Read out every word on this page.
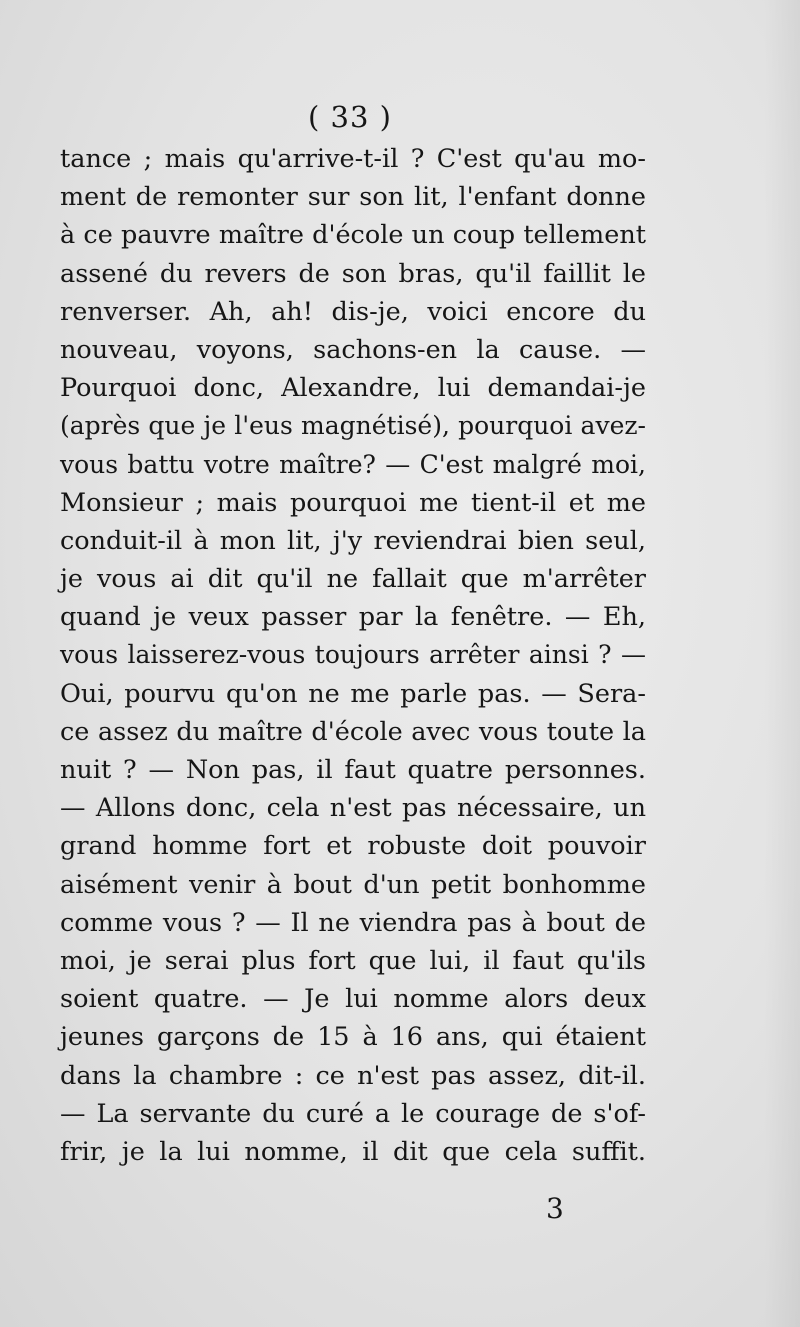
( 33 )
tance ; mais qu'arrive-t-il ? C'est qu'au mo-
ment de remonter sur son lit, l'enfant donne
à ce pauvre maître d'école un coup tellement
assené du revers de son bras, qu'il faillit le
renverser. Ah, ah! dis-je, voici encore du
nouveau, voyons, sachons-en la cause. —
Pourquoi donc, Alexandre, lui demandai-je
(après que je l'eus magnétisé), pourquoi avez-
vous battu votre maître? — C'est malgré moi,
Monsieur ; mais pourquoi me tient-il et me
conduit-il à mon lit, j'y reviendrai bien seul,
je vous ai dit qu'il ne fallait que m'arrêter
quand je veux passer par la fenêtre. — Eh,
vous laisserez-vous toujours arrêter ainsi ? —
Oui, pourvu qu'on ne me parle pas. — Sera-
ce assez du maître d'école avec vous toute la
nuit ? — Non pas, il faut quatre personnes.
— Allons donc, cela n'est pas nécessaire, un
grand homme fort et robuste doit pouvoir
aisément venir à bout d'un petit bonhomme
comme vous ? — Il ne viendra pas à bout de
moi, je serai plus fort que lui, il faut qu'ils
soient quatre. — Je lui nomme alors deux
jeunes garçons de 15 à 16 ans, qui étaient
dans la chambre : ce n'est pas assez, dit-il.
— La servante du curé a le courage de s'of-
frir, je la lui nomme, il dit que cela suffit.
3
